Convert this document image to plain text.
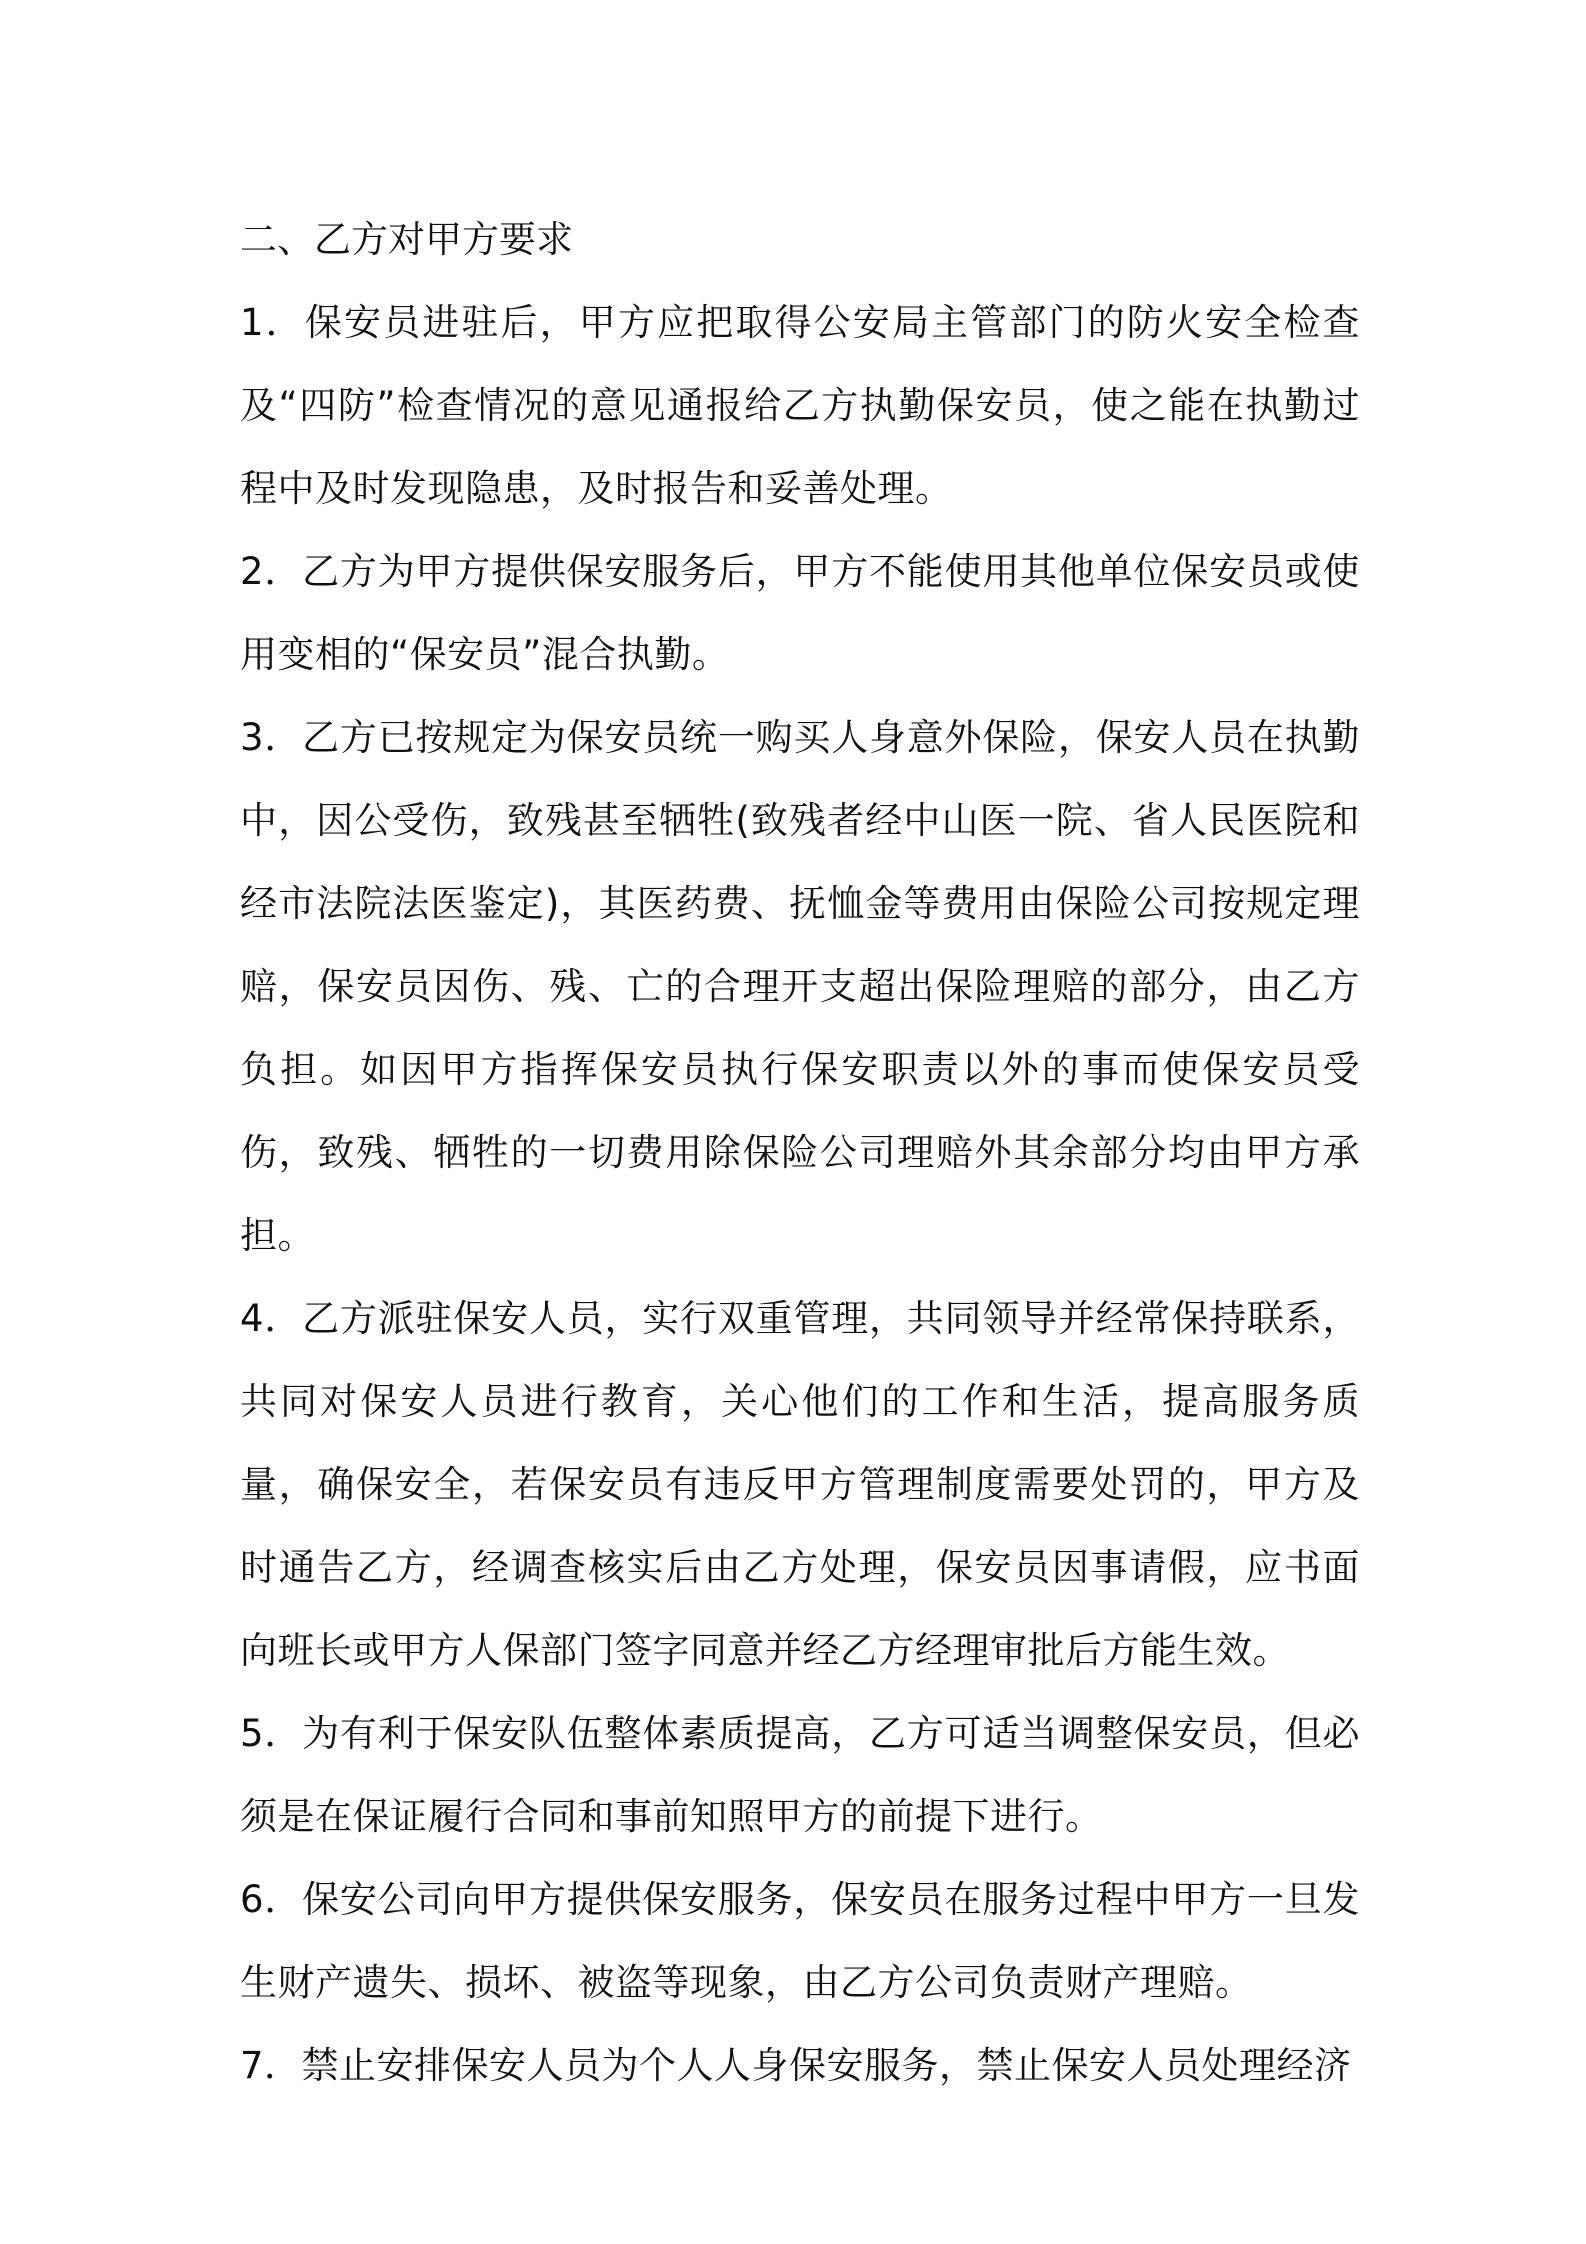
二、乙方对甲方要求

1．保安员进驻后，甲方应把取得公安局主管部门的防火安全检查及“四防”检查情况的意见通报给乙方执勤保安员，使之能在执勤过程中及时发现隐患，及时报告和妥善处理。

2．乙方为甲方提供保安服务后，甲方不能使用其他单位保安员或使用变相的“保安员”混合执勤。

3．乙方已按规定为保安员统一购买人身意外保险，保安人员在执勤中，因公受伤，致残甚至牺牲(致残者经中山医一院、省人民医院和经市法院法医鉴定)，其医药费、抚恤金等费用由保险公司按规定理赔，保安员因伤、残、亡的合理开支超出保险理赔的部分，由乙方负担。如因甲方指挥保安员执行保安职责以外的事而使保安员受伤，致残、牺牲的一切费用除保险公司理赔外其余部分均由甲方承担。

4．乙方派驻保安人员，实行双重管理，共同领导并经常保持联系，共同对保安人员进行教育，关心他们的工作和生活，提高服务质量，确保安全，若保安员有违反甲方管理制度需要处罚的，甲方及时通告乙方，经调查核实后由乙方处理，保安员因事请假，应书面向班长或甲方人保部门签字同意并经乙方经理审批后方能生效。

5．为有利于保安队伍整体素质提高，乙方可适当调整保安员，但必须是在保证履行合同和事前知照甲方的前提下进行。

6．保安公司向甲方提供保安服务，保安员在服务过程中甲方一旦发生财产遗失、损坏、被盗等现象，由乙方公司负责财产理赔。

7．禁止安排保安人员为个人人身保安服务，禁止保安人员处理经济
